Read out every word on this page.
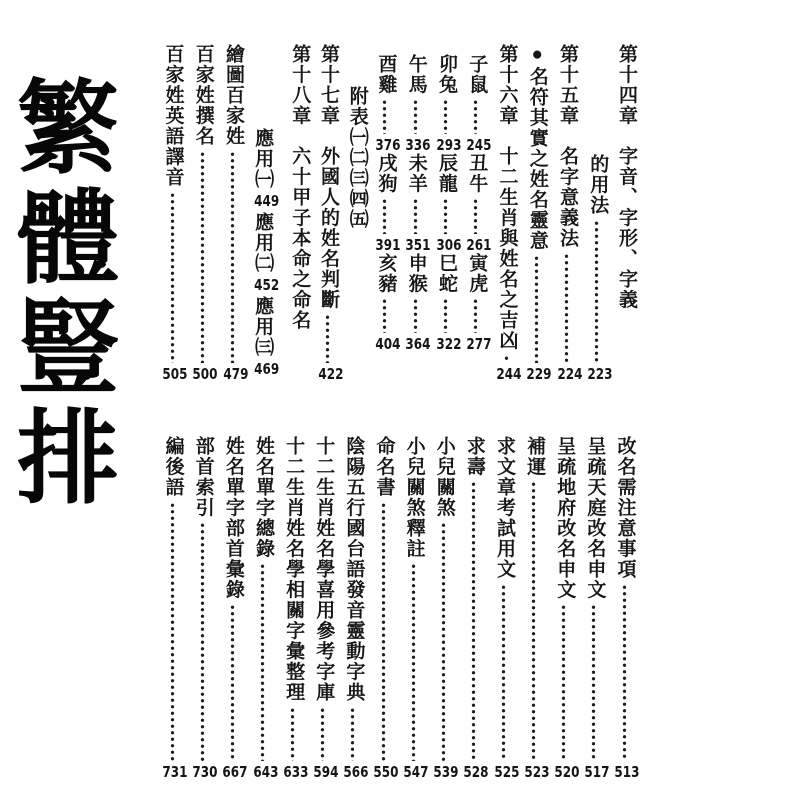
繁體豎排	第十四章
字音、字形、字義
的用法
223
第十五章
名字意義法
224
●名符其實之姓名靈意
229
第十六章
十二生肖與姓名之吉凶
244
子鼠
245
丑牛
261
寅虎
277
卯兔
293
辰龍
306
巳蛇
322
午馬
336
未羊
351
申猴
364
酉雞
376
戌狗
391
亥豬
404
附表㈠㈡㈢㈣㈤
第十七章
外國人的姓名判斷
422
第十八章
六十甲子本命之命名
應用㈠449應用㈡452應用㈢469
繪圖百家姓
479
百家姓撰名
500
百家姓英語譯音
505
改名需注意事項
513
呈疏天庭改名申文
517
呈疏地府改名申文
520
補運
523
求文章考試用文
525
求壽
528
小兒關煞
539
小兒關煞釋註
547
命名書
550
陰陽五行國台語發音靈動字典
566
十二生肖姓名學喜用參考字庫
594
十二生肖姓名學相關字彙整理
633
姓名單字總錄
643
姓名單字部首彙錄
667
部首索引
730
編後語
731
